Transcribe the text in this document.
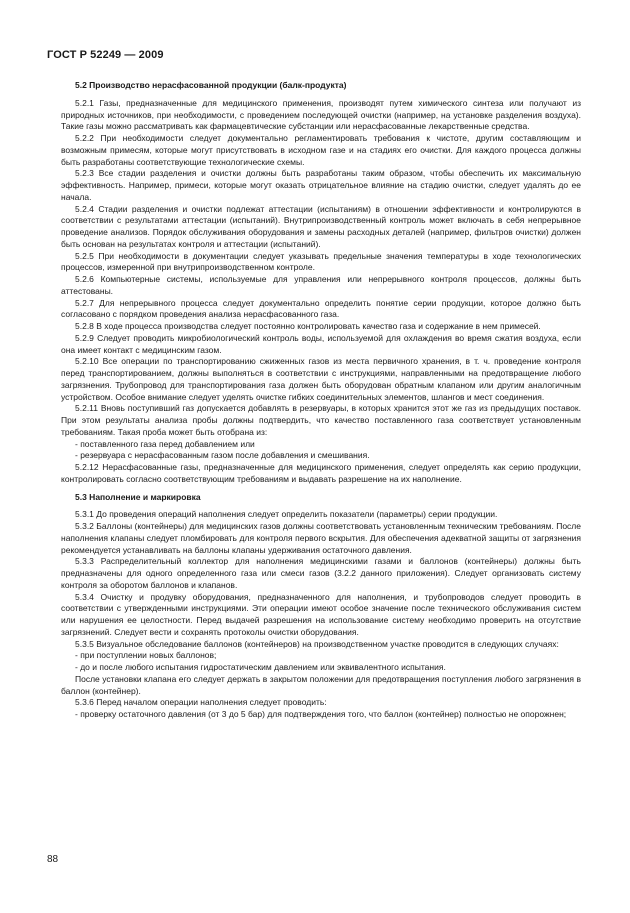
ГОСТ Р 52249 — 2009

5.2 Производство нерасфасованной продукции (балк-продукта)

5.2.1 Газы, предназначенные для медицинского применения, производят путем химического синтеза или получают из природных источников, при необходимости, с проведением последующей очистки (например, на установке разделения воздуха). Такие газы можно рассматривать как фармацевтические субстанции или нерасфасованные лекарственные средства.

5.2.2 При необходимости следует документально регламентировать требования к чистоте, другим составляющим и возможным примесям, которые могут присутствовать в исходном газе и на стадиях его очистки. Для каждого процесса должны быть разработаны соответствующие технологические схемы.

5.2.3 Все стадии разделения и очистки должны быть разработаны таким образом, чтобы обеспечить их максимальную эффективность. Например, примеси, которые могут оказать отрицательное влияние на стадию очистки, следует удалять до ее начала.

5.2.4 Стадии разделения и очистки подлежат аттестации (испытаниям) в отношении эффективности и контролируются в соответствии с результатами аттестации (испытаний). Внутрипроизводственный контроль может включать в себя непрерывное проведение анализов. Порядок обслуживания оборудования и замены расходных деталей (например, фильтров очистки) должен быть основан на результатах контроля и аттестации (испытаний).

5.2.5 При необходимости в документации следует указывать предельные значения температуры в ходе технологических процессов, измеренной при внутрипроизводственном контроле.

5.2.6 Компьютерные системы, используемые для управления или непрерывного контроля процессов, должны быть аттестованы.

5.2.7 Для непрерывного процесса следует документально определить понятие серии продукции, которое должно быть согласовано с порядком проведения анализа нерасфасованного газа.

5.2.8 В ходе процесса производства следует постоянно контролировать качество газа и содержание в нем примесей.

5.2.9 Следует проводить микробиологический контроль воды, используемой для охлаждения во время сжатия воздуха, если она имеет контакт с медицинским газом.

5.2.10 Все операции по транспортированию сжиженных газов из места первичного хранения, в т. ч. проведение контроля перед транспортированием, должны выполняться в соответствии с инструкциями, направленными на предотвращение любого загрязнения. Трубопровод для транспортирования газа должен быть оборудован обратным клапаном или другим аналогичным устройством. Особое внимание следует уделять очистке гибких соединительных элементов, шлангов и мест соединения.

5.2.11 Вновь поступивший газ допускается добавлять в резервуары, в которых хранится этот же газ из предыдущих поставок. При этом результаты анализа пробы должны подтвердить, что качество поставленного газа соответствует установленным требованиям. Такая проба может быть отобрана из:

- поставленного газа перед добавлением или

- резервуара с нерасфасованным газом после добавления и смешивания.

5.2.12 Нерасфасованные газы, предназначенные для медицинского применения, следует определять как серию продукции, контролировать согласно соответствующим требованиям и выдавать разрешение на их наполнение.

5.3 Наполнение и маркировка

5.3.1 До проведения операций наполнения следует определить показатели (параметры) серии продукции.

5.3.2 Баллоны (контейнеры) для медицинских газов должны соответствовать установленным техническим требованиям. После наполнения клапаны следует пломбировать для контроля первого вскрытия. Для обеспечения адекватной защиты от загрязнения рекомендуется устанавливать на баллоны клапаны удерживания остаточного давления.

5.3.3 Распределительный коллектор для наполнения медицинскими газами и баллонов (контейнеры) должны быть предназначены для одного определенного газа или смеси газов (3.2.2 данного приложения). Следует организовать систему контроля за оборотом баллонов и клапанов.

5.3.4 Очистку и продувку оборудования, предназначенного для наполнения, и трубопроводов следует проводить в соответствии с утвержденными инструкциями. Эти операции имеют особое значение после технического обслуживания систем или нарушения ее целостности. Перед выдачей разрешения на использование систему необходимо проверить на отсутствие загрязнений. Следует вести и сохранять протоколы очистки оборудования.

5.3.5 Визуальное обследование баллонов (контейнеров) на производственном участке проводится в следующих случаях:

- при поступлении новых баллонов;

- до и после любого испытания гидростатическим давлением или эквивалентного испытания.

После установки клапана его следует держать в закрытом положении для предотвращения поступления любого загрязнения в баллон (контейнер).

5.3.6 Перед началом операции наполнения следует проводить:

- проверку остаточного давления (от 3 до 5 бар) для подтверждения того, что баллон (контейнер) полностью не опорожнен;

88
